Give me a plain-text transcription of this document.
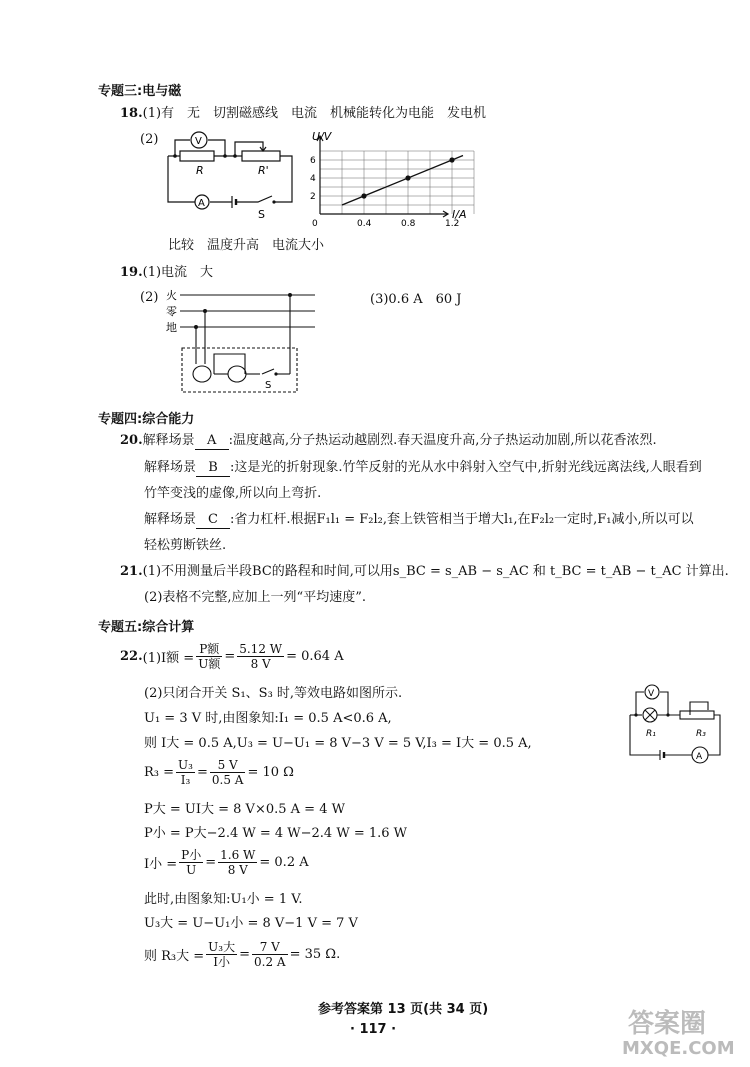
专题三:电与磁
18.(1)有　无　切割磁感线　电流　机械能转化为电能　发电机
(2)	V
R	R'
A
S
0.4	0.8	1.2
2
4
6
U/V
I/A
0
比较　温度升高　电流大小
19.(1)电流　大
(2)	(3)0.6 A　60 J
火
零
地
S
专题四:综合能力
20.解释场景 A :温度越高,分子热运动越剧烈.春天温度升高,分子热运动加剧,所以花香浓烈.
解释场景 B :这是光的折射现象.竹竿反射的光从水中斜射入空气中,折射光线远离法线,人眼看到
竹竿变浅的虚像,所以向上弯折.
解释场景 C :省力杠杆.根据F₁l₁ = F₂l₂,套上铁管相当于增大l₁,在F₂l₂一定时,F₁减小,所以可以
轻松剪断铁丝.
21.(1)不用测量后半段BC的路程和时间,可以用s_BC = s_AB − s_AC 和 t_BC = t_AB − t_AC 计算出.
(2)表格不完整,应加上一列“平均速度”.
专题五:综合计算
22. (1)I额 = $\frac{\text{P额}}{\text{U额}} = \frac{5.12 W}{8 V} = 0.64$ A
(2)只闭合开关 S₁、S₃ 时,等效电路如图所示.
U₁ = 3 V 时,由图象知:I₁ = 0.5 A<0.6 A,
则 I大 = 0.5 A,U₃ = U−U₁ = 8 V−3 V = 5 V,I₃ = I大 = 0.5 A,
$R_3 = \frac{\text{U₃}}{\text{I₃}} = \frac{5 V}{0.5 A} = 10$ Ω
P大 = UI大 = 8 V×0.5 A = 4 W
P小 = P大−2.4 W = 4 W−2.4 W = 1.6 W
I小 = $\frac{\text{P小}}{U} = \frac{1.6 W}{8 V} = 0.2$ A
此时,由图象知:U₁小 = 1 V.
U₃大 = U−U₁小 = 8 V−1 V = 7 V
则 R₃大 = $\frac{\text{U₃大}}{\text{I小}} = \frac{7 V}{0.2 A} = 35$ Ω.
V
R₁	R₃
A
参考答案第 13 页(共 34 页)
· 117 ·	答案圈
MXQE.COM
